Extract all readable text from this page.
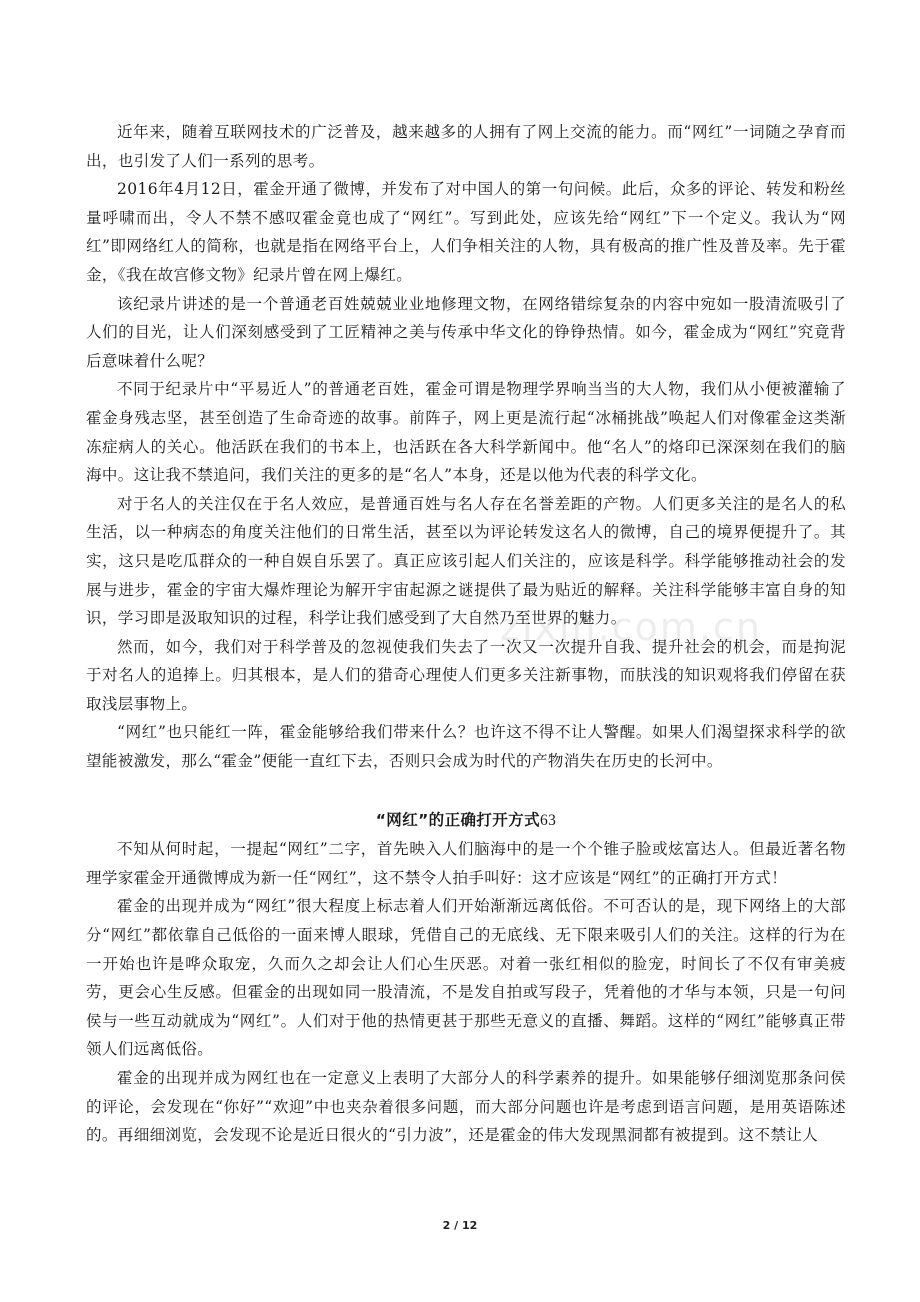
zixin.com.cn

近年来，随着互联网技术的广泛普及，越来越多的人拥有了网上交流的能力。而“网红”一词随之孕育而出，也引发了人们一系列的思考。

2016年4月12日，霍金开通了微博，并发布了对中国人的第一句问候。此后，众多的评论、转发和粉丝量呼啸而出，令人不禁不感叹霍金竟也成了“网红”。写到此处，应该先给“网红”下一个定义。我认为“网红”即网络红人的简称，也就是指在网络平台上，人们争相关注的人物，具有极高的推广性及普及率。先于霍金，《我在故宫修文物》纪录片曾在网上爆红。

该纪录片讲述的是一个普通老百姓兢兢业业地修理文物，在网络错综复杂的内容中宛如一股清流吸引了人们的目光，让人们深刻感受到了工匠精神之美与传承中华文化的铮铮热情。如今，霍金成为“网红”究竟背后意味着什么呢？

不同于纪录片中“平易近人”的普通老百姓，霍金可谓是物理学界响当当的大人物，我们从小便被灌输了霍金身残志坚，甚至创造了生命奇迹的故事。前阵子，网上更是流行起“冰桶挑战”唤起人们对像霍金这类渐冻症病人的关心。他活跃在我们的书本上，也活跃在各大科学新闻中。他“名人”的烙印已深深刻在我们的脑海中。这让我不禁追问，我们关注的更多的是“名人”本身，还是以他为代表的科学文化。

对于名人的关注仅在于名人效应，是普通百姓与名人存在名誉差距的产物。人们更多关注的是名人的私生活，以一种病态的角度关注他们的日常生活，甚至以为评论转发这名人的微博，自己的境界便提升了。其实，这只是吃瓜群众的一种自娱自乐罢了。真正应该引起人们关注的，应该是科学。科学能够推动社会的发展与进步，霍金的宇宙大爆炸理论为解开宇宙起源之谜提供了最为贴近的解释。关注科学能够丰富自身的知识，学习即是汲取知识的过程，科学让我们感受到了大自然乃至世界的魅力。

然而，如今，我们对于科学普及的忽视使我们失去了一次又一次提升自我、提升社会的机会，而是拘泥于对名人的追捧上。归其根本，是人们的猎奇心理使人们更多关注新事物，而肤浅的知识观将我们停留在获取浅层事物上。

“网红”也只能红一阵，霍金能够给我们带来什么？也许这不得不让人警醒。如果人们渴望探求科学的欲望能被激发，那么“霍金”便能一直红下去，否则只会成为时代的产物消失在历史的长河中。

“网红”的正确打开方式63

不知从何时起，一提起“网红”二字，首先映入人们脑海中的是一个个锥子脸或炫富达人。但最近著名物理学家霍金开通微博成为新一任“网红”，这不禁令人拍手叫好：这才应该是“网红”的正确打开方式！

霍金的出现并成为“网红”很大程度上标志着人们开始渐渐远离低俗。不可否认的是，现下网络上的大部分“网红”都依靠自己低俗的一面来博人眼球，凭借自己的无底线、无下限来吸引人们的关注。这样的行为在一开始也许是哗众取宠，久而久之却会让人们心生厌恶。对着一张红相似的脸宠，时间长了不仅有审美疲劳，更会心生反感。但霍金的出现如同一股清流，不是发自拍或写段子，凭着他的才华与本领，只是一句问侯与一些互动就成为“网红”。人们对于他的热情更甚于那些无意义的直播、舞蹈。这样的“网红”能够真正带领人们远离低俗。

霍金的出现并成为网红也在一定意义上表明了大部分人的科学素养的提升。如果能够仔细浏览那条问侯的评论，会发现在“你好”“欢迎”中也夹杂着很多问题，而大部分问题也许是考虑到语言问题，是用英语陈述的。再细细浏览，会发现不论是近日很火的“引力波”，还是霍金的伟大发现黑洞都有被提到。这不禁让人

2 / 12
